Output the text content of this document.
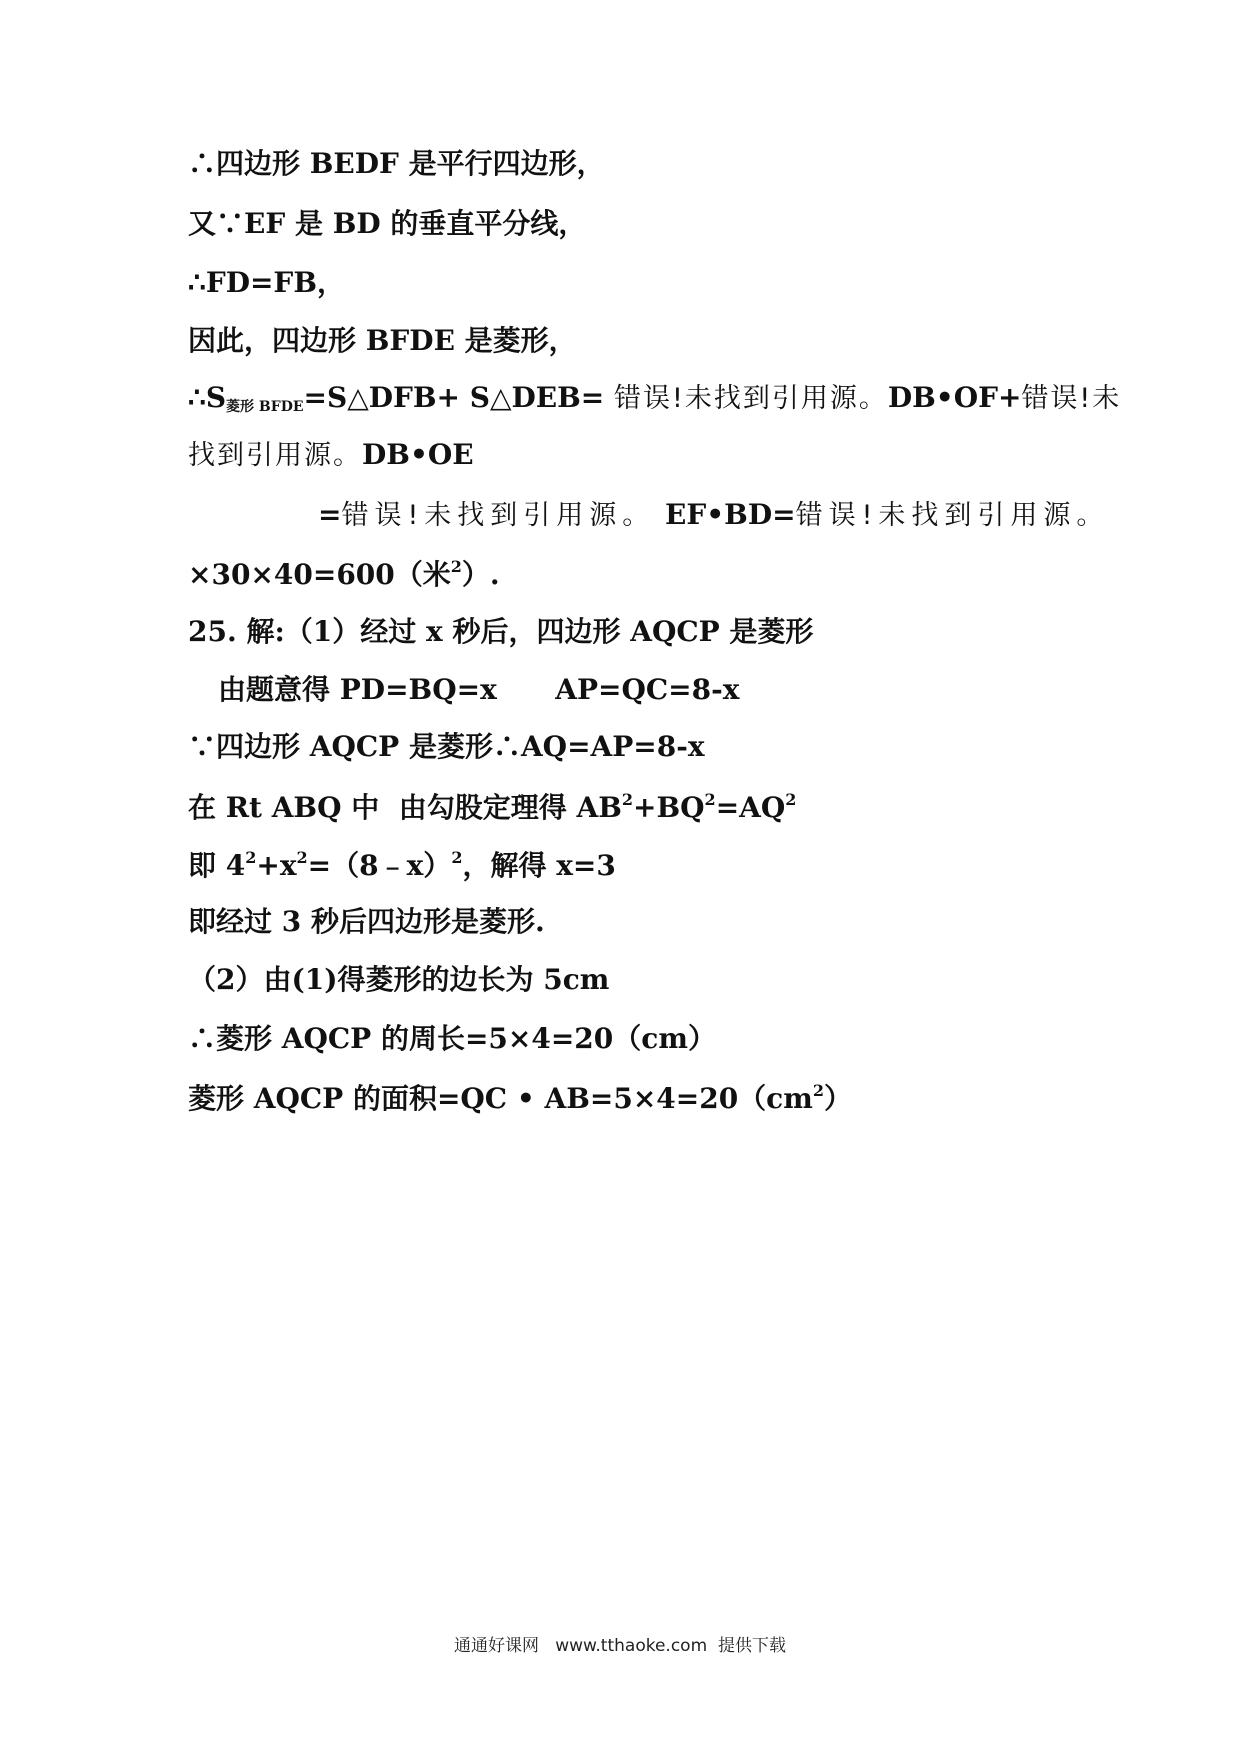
∴四边形 BEDF 是平行四边形，
又∵EF 是 BD 的垂直平分线，
∴FD=FB，
因此，四边形 BFDE 是菱形，
$\therefore S_{菱形 BFDE}=S\triangle DFB+$ S△DEB= 错误!未找到引用源。DB•OF+错误!未
找到引用源。DB•OE
=错误!未找到引用源。 EF•BD=错误!未找到引用源。
×30×40=600（米$^2$）.
25. 解:（1）经过 x 秒后，四边形 AQCP 是菱形
由题意得 PD=BQ=x      AP=QC=8-x
∵四边形 AQCP 是菱形∴AQ=AP=8-x
在 Rt ABQ 中  由勾股定理得 $AB^2+BQ^2=AQ^2$
即 $4^2+x^2=(8﹣x)^2$，解得 x=3
即经过 3 秒后四边形是菱形.
（2）由(1)得菱形的边长为 5cm
∴菱形 AQCP 的周长=5×4=20（cm）
菱形 AQCP 的面积=QC • $AB=5\times 4=20(cm^2)$
通通好课网   www.tthaoke.com  提供下载
